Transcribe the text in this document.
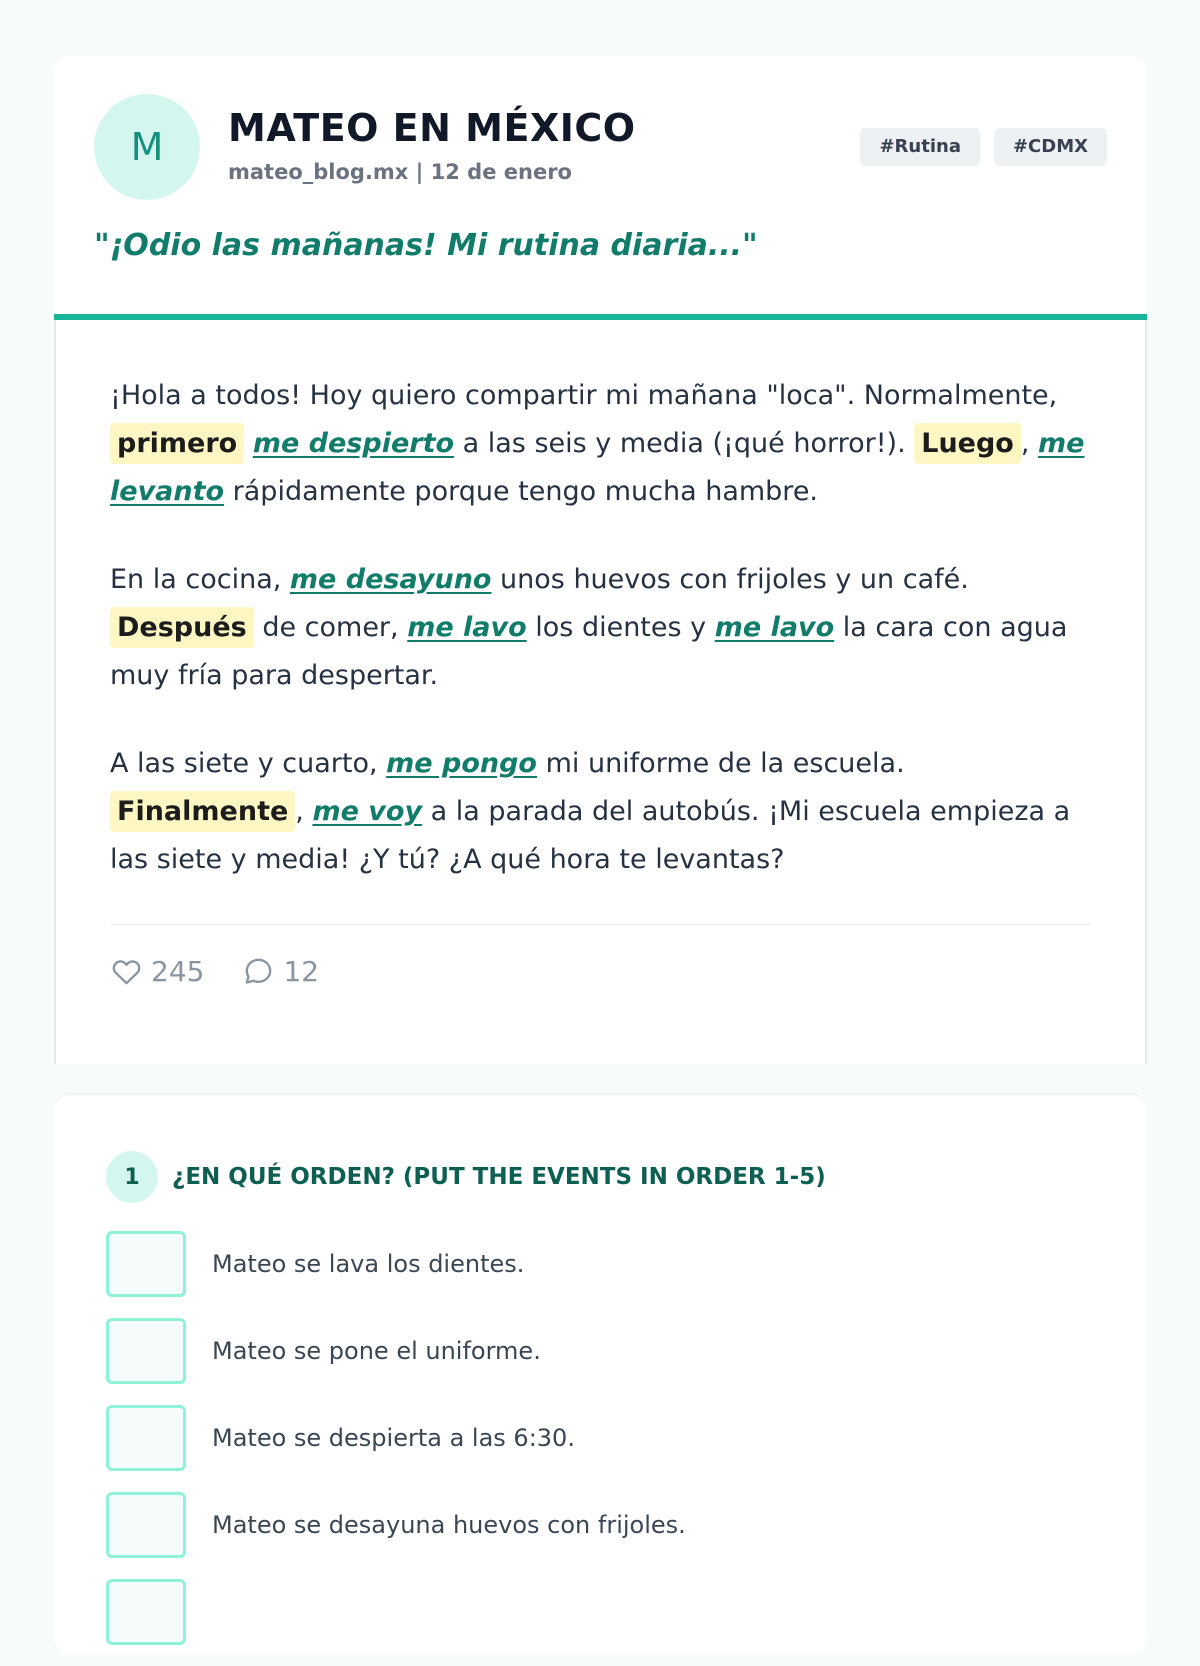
M	MATEO EN MÉXICO
mateo_blog.mx | 12 de enero
#Rutina	#CDMX
"¡Odio las mañanas! Mi rutina diaria..."

¡Hola a todos! Hoy quiero compartir mi mañana "loca". Normalmente, primero me despierto a las seis y media (¡qué horror!). Luego , me levanto rápidamente porque tengo mucha hambre.

En la cocina, me desayuno unos huevos con frijoles y un café. Después de comer, me lavo los dientes y me lavo la cara con agua muy fría para despertar.

A las siete y cuarto, me pongo mi uniforme de la escuela. Finalmente , me voy a la parada del autobús. ¡Mi escuela empieza a las siete y media! ¿Y tú? ¿A qué hora te levantas?

245	12
1	¿EN QUÉ ORDEN? (PUT THE EVENTS IN ORDER 1-5)
Mateo se lava los dientes.
Mateo se pone el uniforme.
Mateo se despierta a las 6:30.
Mateo se desayuna huevos con frijoles.
